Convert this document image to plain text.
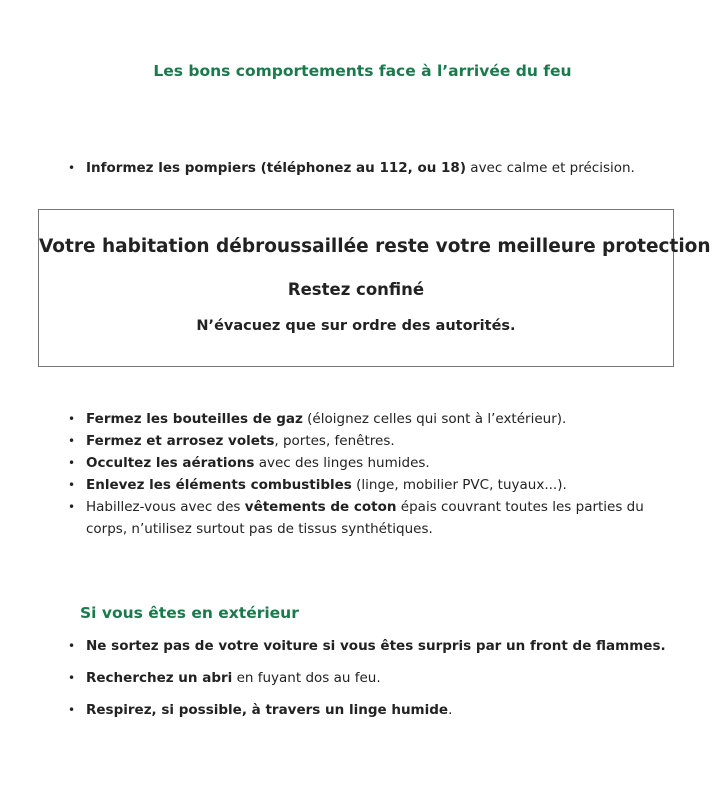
Les bons comportements face à l’arrivée du feu
• Informez les pompiers (téléphonez au 112, ou 18) avec calme et précision.
Votre habitation débroussaillée reste votre meilleure protection
Restez confiné
N’évacuez que sur ordre des autorités.
• Fermez les bouteilles de gaz (éloignez celles qui sont à l’extérieur).
• Fermez et arrosez volets, portes, fenêtres.
• Occultez les aérations avec des linges humides.
• Enlevez les éléments combustibles (linge, mobilier PVC, tuyaux...).
• Habillez-vous avec des vêtements de coton épais couvrant toutes les parties du corps, n’utilisez surtout pas de tissus synthétiques.
Si vous êtes en extérieur
• Ne sortez pas de votre voiture si vous êtes surpris par un front de flammes.
• Recherchez un abri en fuyant dos au feu.
• Respirez, si possible, à travers un linge humide.
